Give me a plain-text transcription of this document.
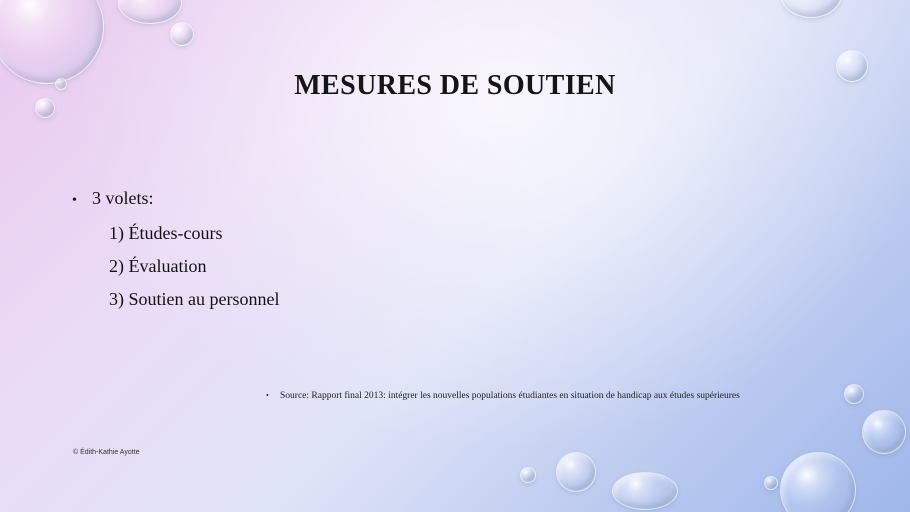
MESURES DE SOUTIEN
• 3 volets:
1) Études-cours
2) Évaluation
3) Soutien au personnel
•	Source: Rapport final 2013: intégrer les nouvelles populations étudiantes en situation de handicap aux études supérieures
© Édith-Kathie Ayotte
